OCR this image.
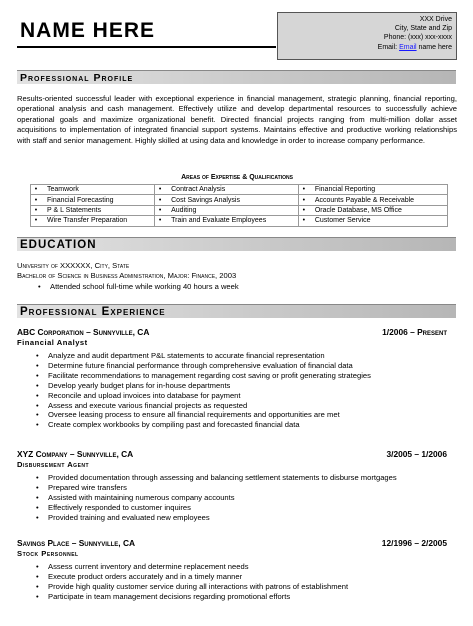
NAME HERE	XXX Drive
City, State and Zip
Phone: (xxx) xxx-xxxx
Email: Email name here
Professional Profile
Results-oriented successful leader with exceptional experience in financial management, strategic planning, financial reporting, operational analysis and cash management. Effectively utilize and develop departmental resources to successfully achieve operational goals and maximize organizational benefit. Directed financial projects ranging from multi-million dollar asset acquisitions to implementation of integrated financial support systems. Maintains effective and productive working relationships with staff and senior management. Highly skilled at using data and knowledge in order to increase company performance.
Areas of Expertise & Qualifications
•	Teamwork	•	Contract Analysis	•	Financial Reporting
•	Financial Forecasting	•	Cost Savings Analysis	•	Accounts Payable & Receivable
•	P & L Statements	•	Auditing	•	Oracle Database, MS Office
•	Wire Transfer Preparation	•	Train and Evaluate Employees	•	Customer Service
EDUCATION
University of XXXXXX, City, State
Bachelor of Science in Business Administration, Major: Finance, 2003
• Attended school full-time while working 40 hours a week
Professional Experience
ABC Corporation – Sunnyville, CA	1/2006 – Present
Financial Analyst
• Analyze and audit department P&L statements to accurate financial representation
• Determine future financial performance through comprehensive evaluation of financial data
• Facilitate recommendations to management regarding cost saving or profit generating strategies
• Develop yearly budget plans for in-house departments
• Reconcile and upload invoices into database for payment
• Assess and execute various financial projects as requested
• Oversee leasing process to ensure all financial requirements and opportunities are met
• Create complex workbooks by compiling past and forecasted financial data
XYZ Company – Sunnyville, CA	3/2005 – 1/2006
Disbursement Agent
• Provided documentation through assessing and balancing settlement statements to disburse mortgages
• Prepared wire transfers
• Assisted with maintaining numerous company accounts
• Effectively responded to customer inquires
• Provided training and evaluated new employees
Savings Place – Sunnyville, CA	12/1996 – 2/2005
Stock Personnel
• Assess current inventory and determine replacement needs
• Execute product orders accurately and in a timely manner
• Provide high quality customer service during all interactions with patrons of establishment
• Participate in team management decisions regarding promotional efforts
